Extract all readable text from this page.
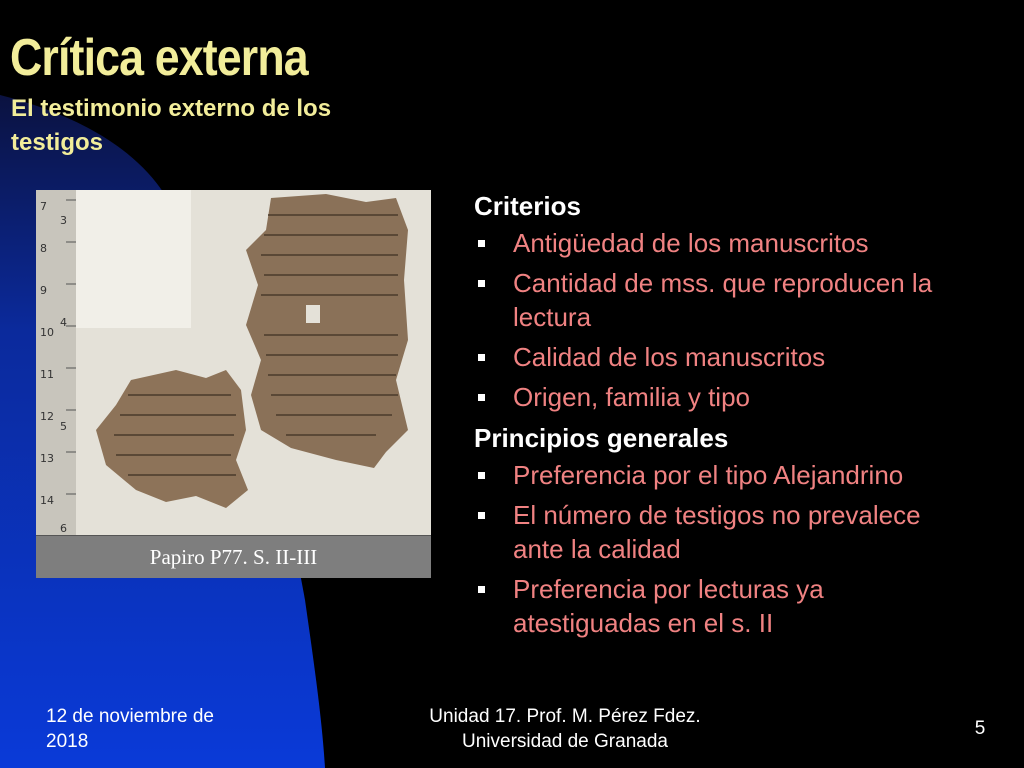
Crítica externa
El testimonio externo de los testigos
7
8
9
10
11
12
13
14
3
4
5
6
Papiro P77. S. II-III

Criterios

Antigüedad de los manuscritos
Cantidad de mss. que reproducen la lectura
Calidad de los manuscritos
Origen, familia y tipo

Principios generales

Preferencia por el tipo Alejandrino
El número de testigos no prevalece ante la calidad
Preferencia por lecturas ya atestiguadas en el s. II
12 de noviembre de 2018
Unidad 17. Prof. M. Pérez Fdez.
Universidad de Granada
5
